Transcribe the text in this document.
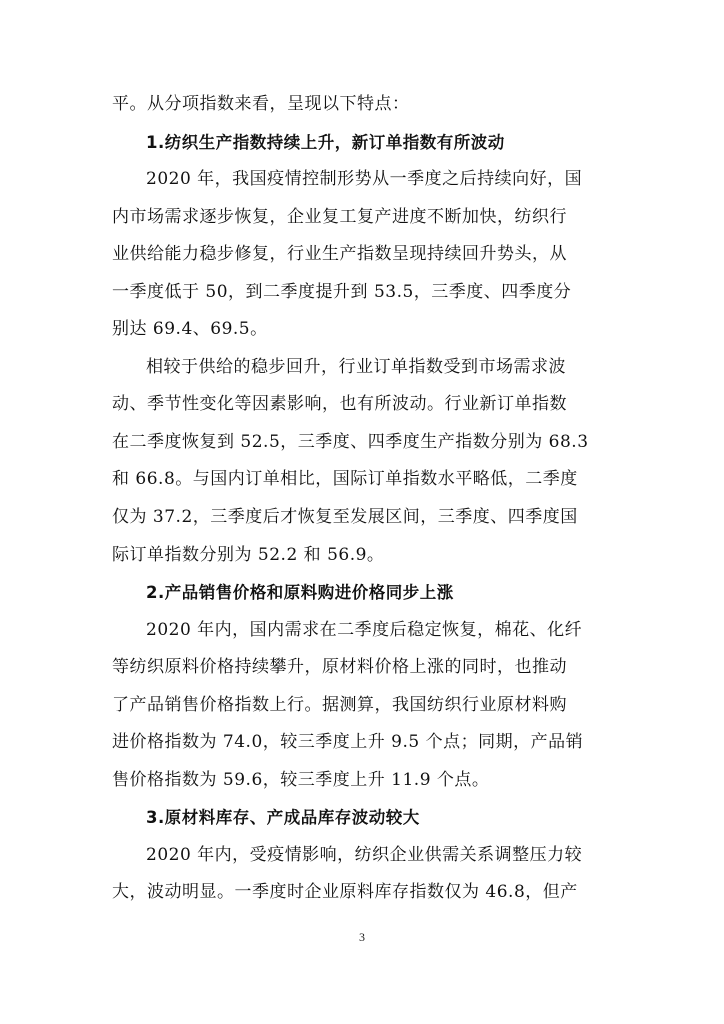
平。从分项指数来看，呈现以下特点：
1.纺织生产指数持续上升，新订单指数有所波动
2020 年，我国疫情控制形势从一季度之后持续向好，国
内市场需求逐步恢复，企业复工复产进度不断加快，纺织行
业供给能力稳步修复，行业生产指数呈现持续回升势头，从
一季度低于 50，到二季度提升到 53.5，三季度、四季度分
别达 69.4、69.5。
相较于供给的稳步回升，行业订单指数受到市场需求波
动、季节性变化等因素影响，也有所波动。行业新订单指数
在二季度恢复到 52.5，三季度、四季度生产指数分别为 68.3
和 66.8。与国内订单相比，国际订单指数水平略低，二季度
仅为 37.2，三季度后才恢复至发展区间，三季度、四季度国
际订单指数分别为 52.2 和 56.9。
2.产品销售价格和原料购进价格同步上涨
2020 年内，国内需求在二季度后稳定恢复，棉花、化纤
等纺织原料价格持续攀升，原材料价格上涨的同时，也推动
了产品销售价格指数上行。据测算，我国纺织行业原材料购
进价格指数为 74.0，较三季度上升 9.5 个点；同期，产品销
售价格指数为 59.6，较三季度上升 11.9 个点。
3.原材料库存、产成品库存波动较大
2020 年内，受疫情影响，纺织企业供需关系调整压力较
大，波动明显。一季度时企业原料库存指数仅为 46.8，但产
3
